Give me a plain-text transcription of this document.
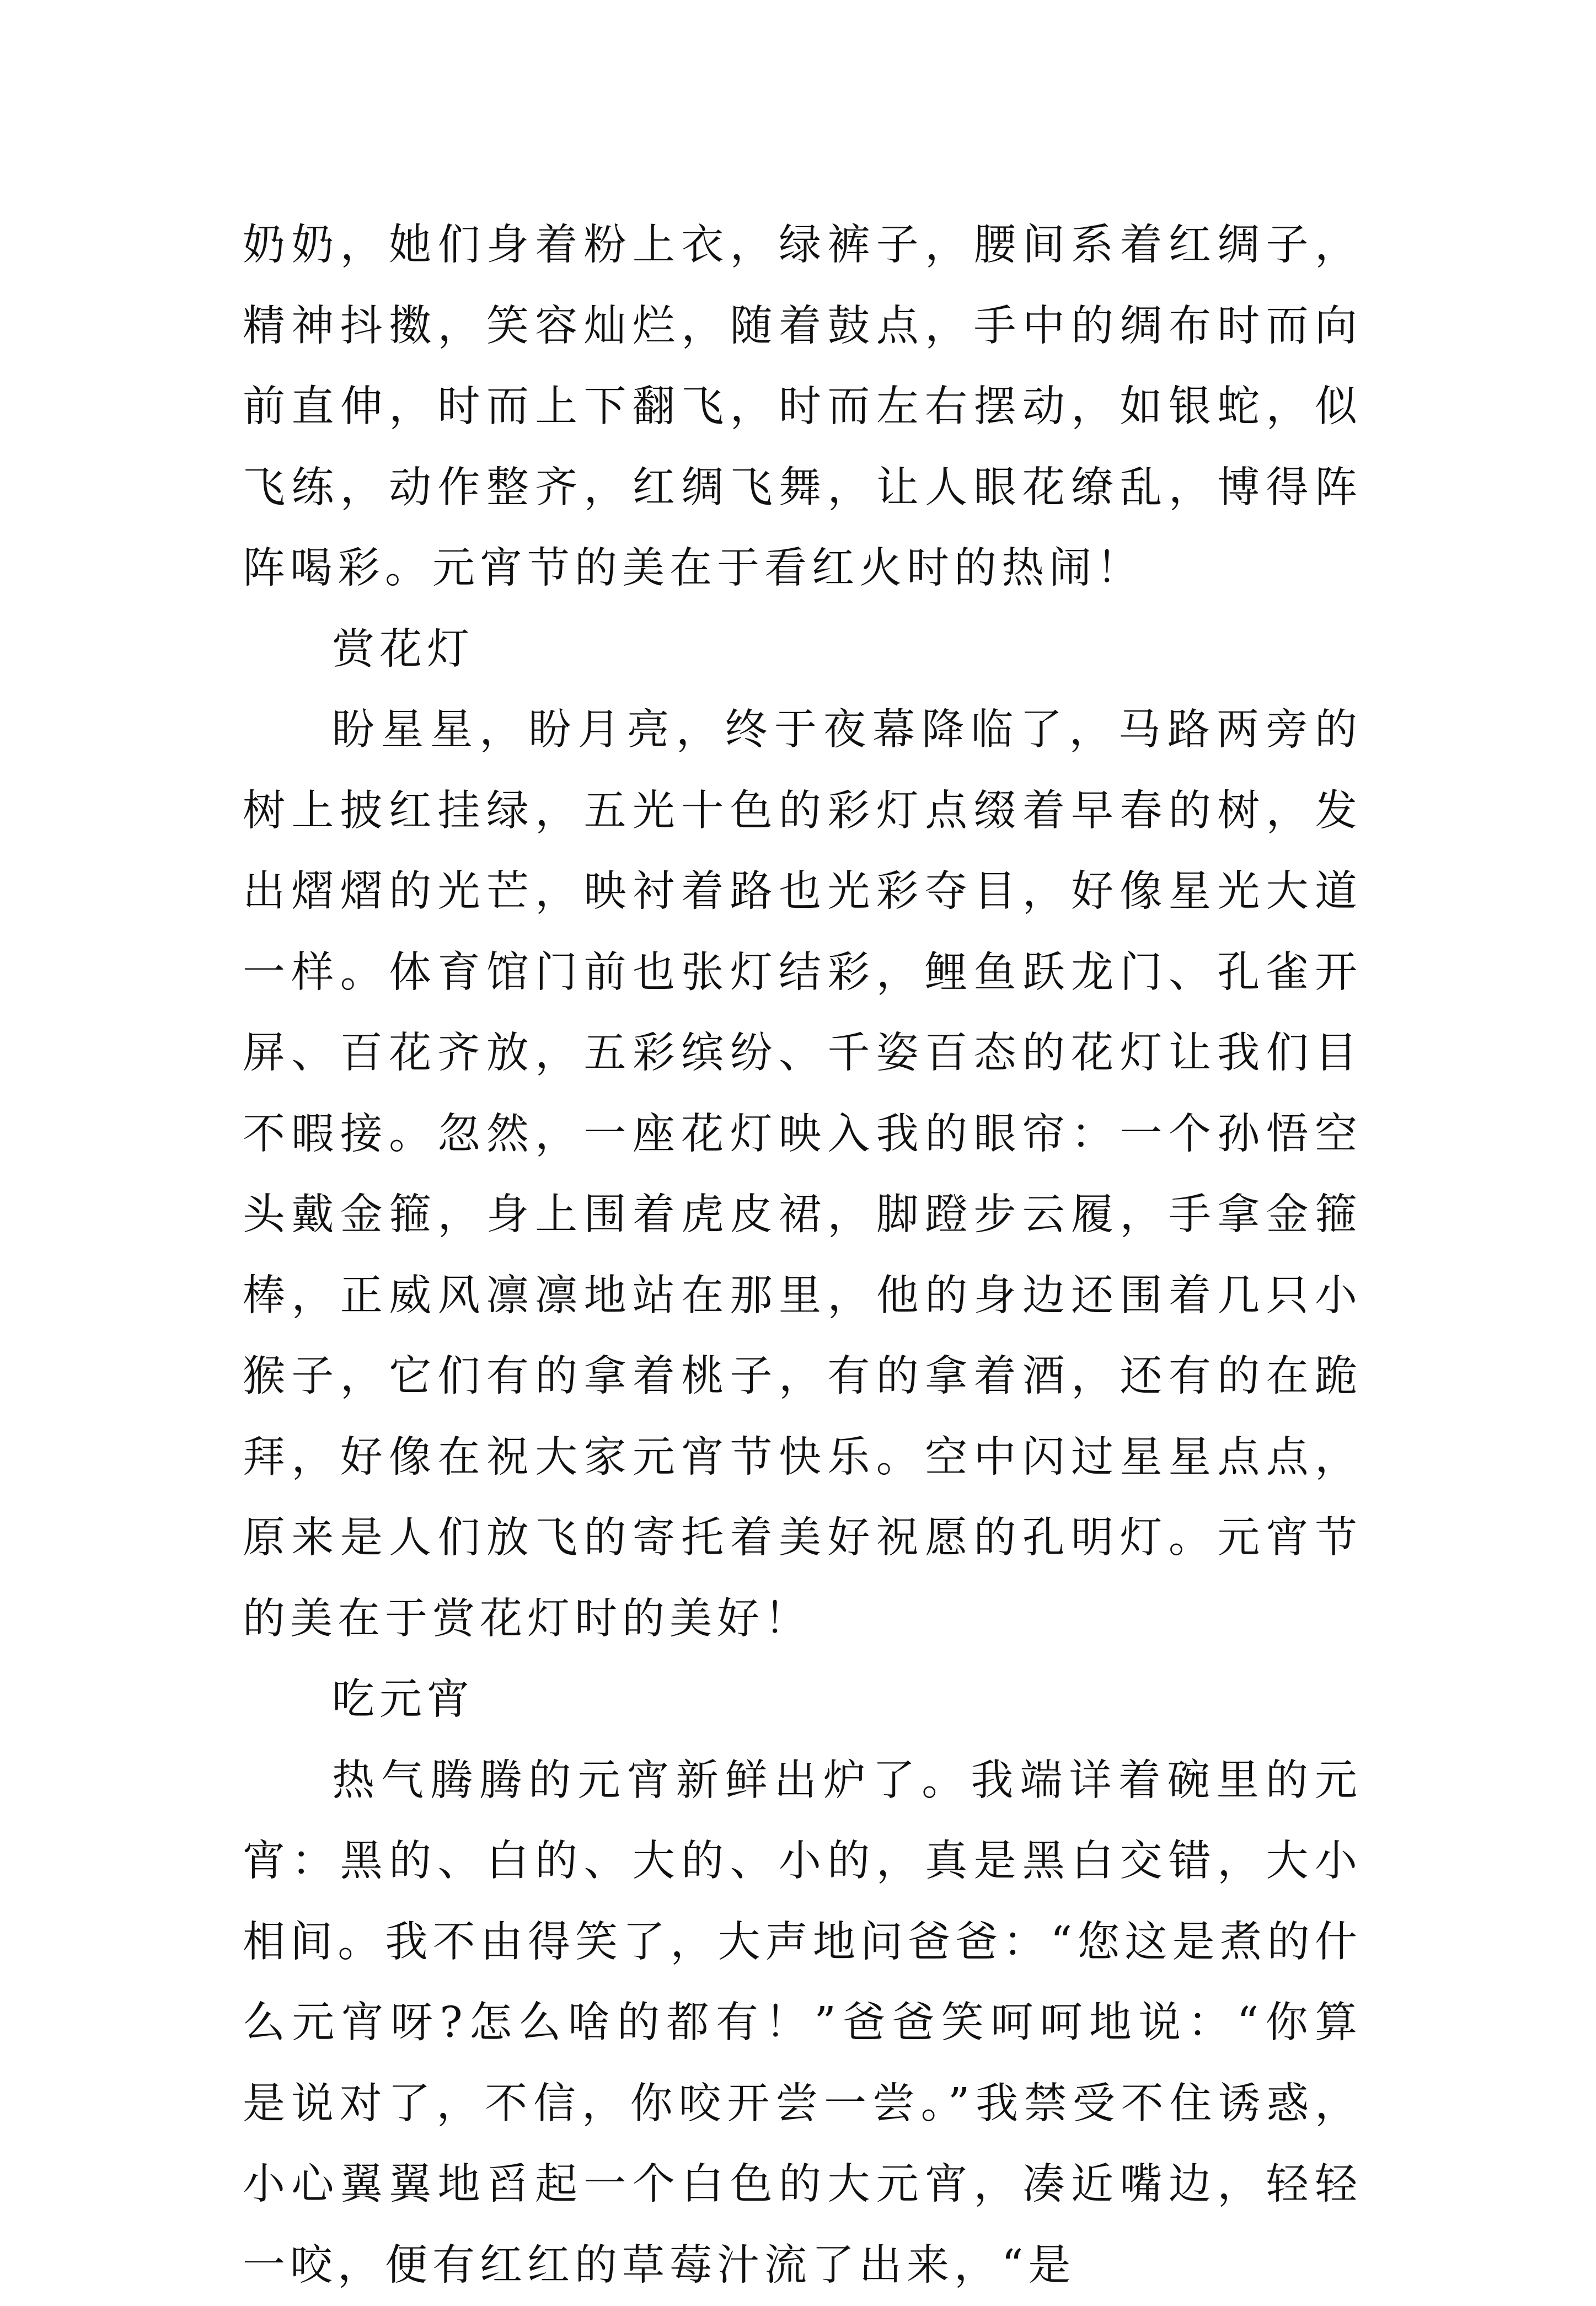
奶奶，她们身着粉上衣，绿裤子，腰间系着红绸子，精神抖擞，笑容灿烂，随着鼓点，手中的绸布时而向前直伸，时而上下翻飞，时而左右摆动，如银蛇，似飞练，动作整齐，红绸飞舞，让人眼花缭乱，博得阵阵喝彩。元宵节的美在于看红火时的热闹！

赏花灯

盼星星，盼月亮，终于夜幕降临了，马路两旁的树上披红挂绿，五光十色的彩灯点缀着早春的树，发出熠熠的光芒，映衬着路也光彩夺目，好像星光大道一样。体育馆门前也张灯结彩，鲤鱼跃龙门、孔雀开屏、百花齐放，五彩缤纷、千姿百态的花灯让我们目不暇接。忽然，一座花灯映入我的眼帘：一个孙悟空头戴金箍，身上围着虎皮裙，脚蹬步云履，手拿金箍棒，正威风凛凛地站在那里，他的身边还围着几只小猴子，它们有的拿着桃子，有的拿着酒，还有的在跪拜，好像在祝大家元宵节快乐。空中闪过星星点点，原来是人们放飞的寄托着美好祝愿的孔明灯。元宵节的美在于赏花灯时的美好！

吃元宵

热气腾腾的元宵新鲜出炉了。我端详着碗里的元宵：黑的、白的、大的、小的，真是黑白交错，大小相间。我不由得笑了，大声地问爸爸：“您这是煮的什么元宵呀?怎么啥的都有！”爸爸笑呵呵地说：“你算是说对了，不信，你咬开尝一尝。”我禁受不住诱惑，小心翼翼地舀起一个白色的大元宵，凑近嘴边，轻轻一咬，便有红红的草莓汁流了出来，“是
